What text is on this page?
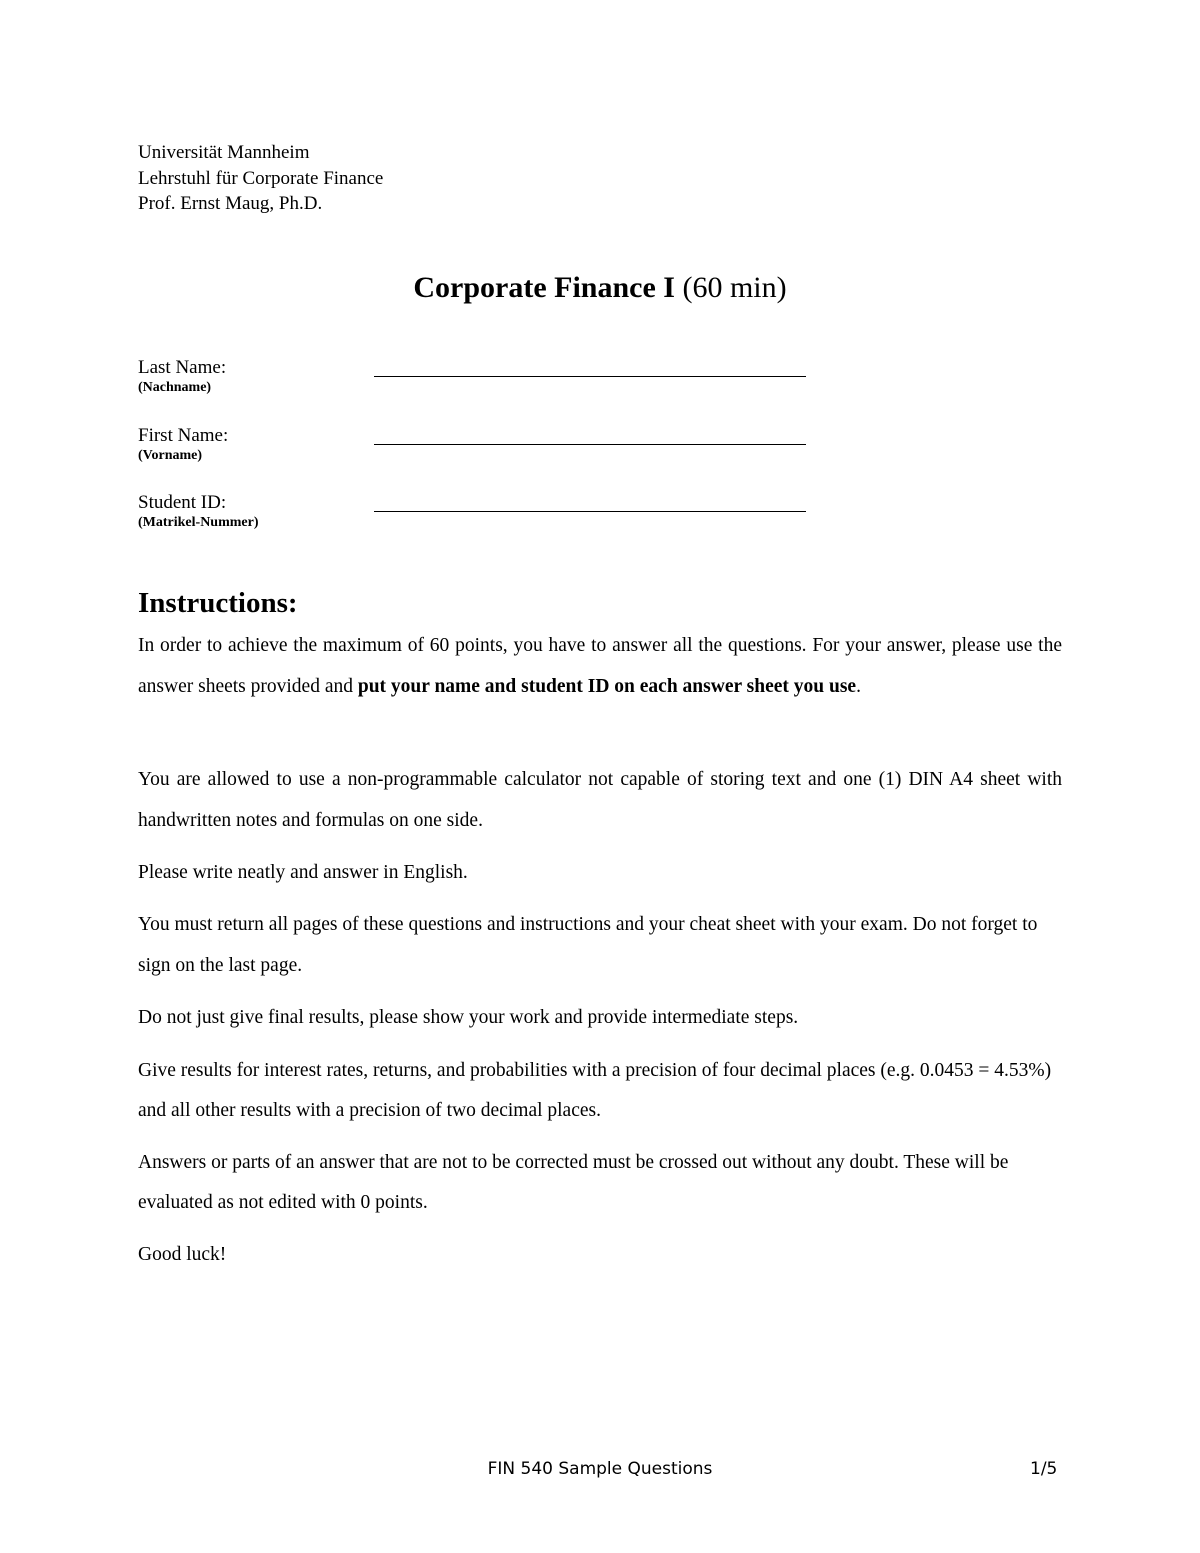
Universität Mannheim
Lehrstuhl für Corporate Finance
Prof. Ernst Maug, Ph.D.
Corporate Finance I (60 min)
Last Name:
(Nachname)
First Name:
(Vorname)
Student ID:
(Matrikel-Nummer)
Instructions:

In order to achieve the maximum of 60 points, you have to answer all the questions. For your answer, please use the answer sheets provided and put your name and student ID on each answer sheet you use.

You are allowed to use a non-programmable calculator not capable of storing text and one (1) DIN A4 sheet with handwritten notes and formulas on one side.

Please write neatly and answer in English.

You must return all pages of these questions and instructions and your cheat sheet with your exam. Do not forget to sign on the last page.

Do not just give final results, please show your work and provide intermediate steps.

Give results for interest rates, returns, and probabilities with a precision of four decimal places (e.g. 0.0453 = 4.53%) and all other results with a precision of two decimal places.

Answers or parts of an answer that are not to be corrected must be crossed out without any doubt. These will be evaluated as not edited with 0 points.

Good luck!

FIN 540 Sample Questions	1/5
